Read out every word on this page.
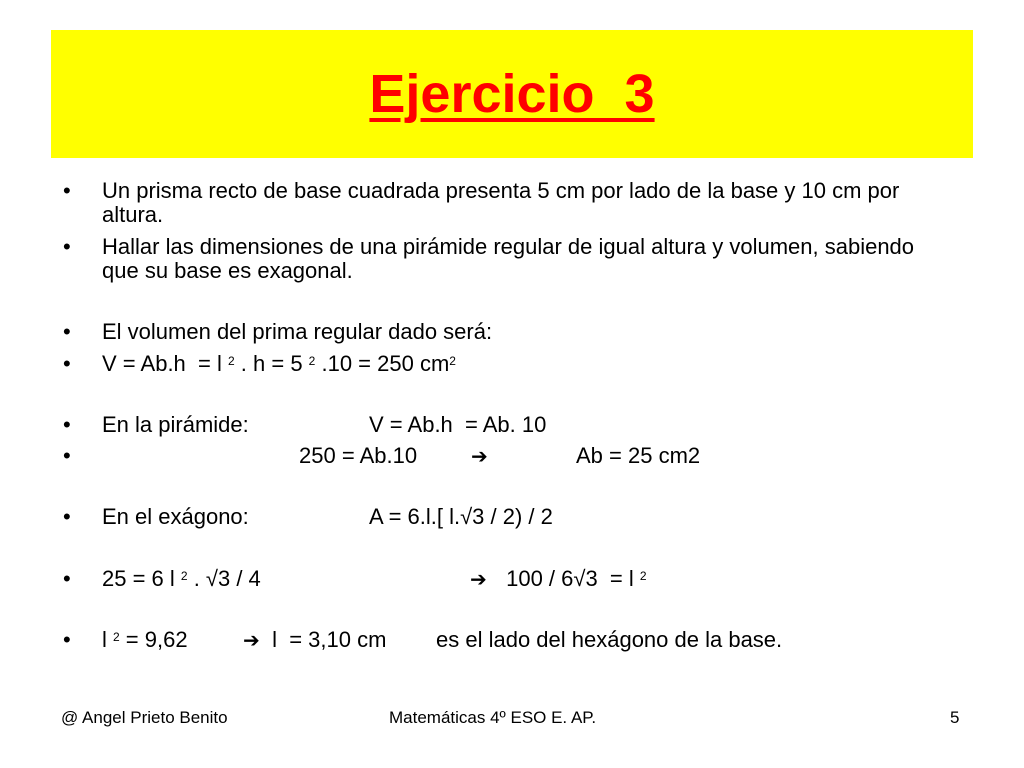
Ejercicio  3
• Un prisma recto de base cuadrada presenta 5 cm por lado de la base y 10 cm por altura.
• Hallar las dimensiones de una pirámide regular de igual altura y volumen, sabiendo que su base es exagonal.
• El volumen del prima regular dado será:
• V = Ab.h  = l $^2$ . h = 5 $^2$ .10 = 250 $cm^2$
• En la pirámide:	V = Ab.h  = Ab. 10
•	250 = Ab.10	➔	Ab = 25 cm2
• En el exágono:	A = 6.l.[ l.√3 / 2) / 2
• 25 = 6 l $^2$ . √3 / 4	➔ 100 / 6√3  = l $^2$
• l $^2$ = 9,62	➔ l  = 3,10 cm es el lado del hexágono de la base.
@ Angel Prieto Benito	Matemáticas 4º ESO E. AP.	5
